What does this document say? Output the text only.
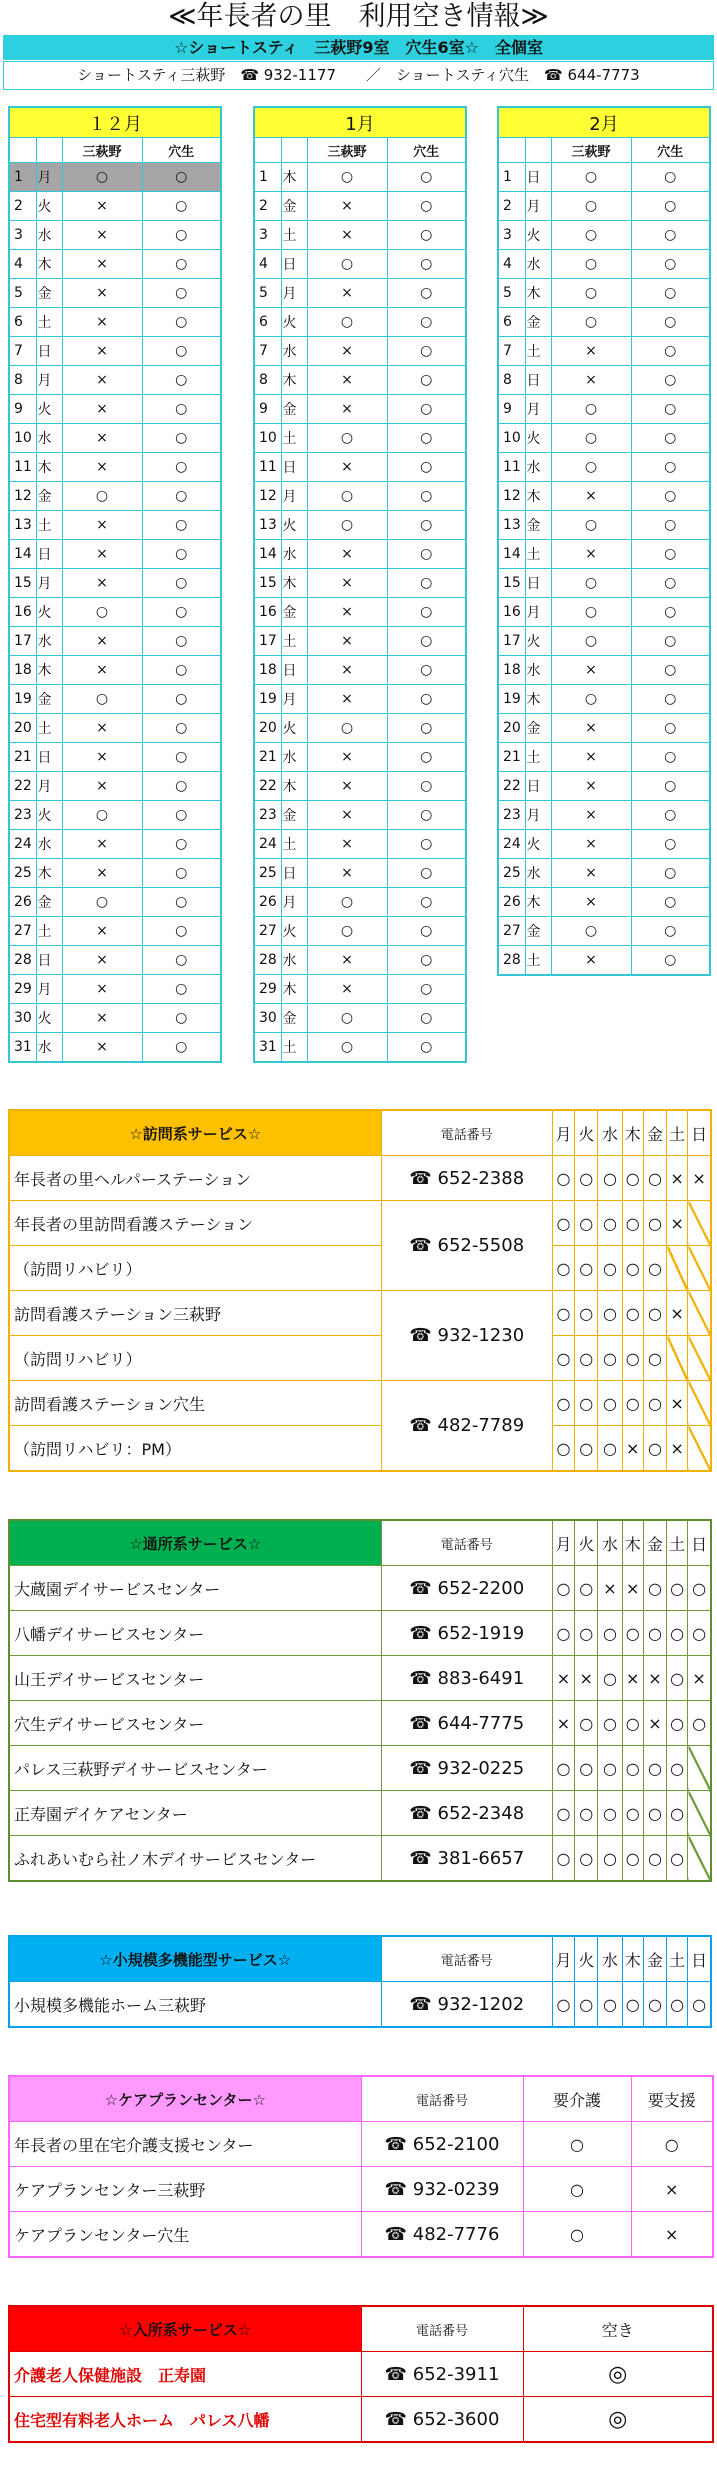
≪年長者の里　利用空き情報≫
☆ショートスティ　三萩野9室　穴生6室☆　全個室
ショートスティ三萩野　☎ 932-1177　　／　ショートスティ穴生　☎ 644-7773
１２月			
		三萩野	穴生
1	月	○	○
2	火	×	○
3	水	×	○
4	木	×	○
5	金	×	○
6	土	×	○
7	日	×	○
8	月	×	○
9	火	×	○
10	水	×	○
11	木	×	○
12	金	○	○
13	土	×	○
14	日	×	○
15	月	×	○
16	火	○	○
17	水	×	○
18	木	×	○
19	金	○	○
20	土	×	○
21	日	×	○
22	月	×	○
23	火	○	○
24	水	×	○
25	木	×	○
26	金	○	○
27	土	×	○
28	日	×	○
29	月	×	○
30	火	×	○
31	水	×	○
1月			
		三萩野	穴生
1	木	○	○
2	金	×	○
3	土	×	○
4	日	○	○
5	月	×	○
6	火	○	○
7	水	×	○
8	木	×	○
9	金	×	○
10	土	○	○
11	日	×	○
12	月	○	○
13	火	○	○
14	水	×	○
15	木	×	○
16	金	×	○
17	土	×	○
18	日	×	○
19	月	×	○
20	火	○	○
21	水	×	○
22	木	×	○
23	金	×	○
24	土	×	○
25	日	×	○
26	月	○	○
27	火	○	○
28	水	×	○
29	木	×	○
30	金	○	○
31	土	○	○
2月			
		三萩野	穴生
1	日	○	○
2	月	○	○
3	火	○	○
4	水	○	○
5	木	○	○
6	金	○	○
7	土	×	○
8	日	×	○
9	月	○	○
10	火	○	○
11	水	○	○
12	木	×	○
13	金	○	○
14	土	×	○
15	日	○	○
16	月	○	○
17	火	○	○
18	水	×	○
19	木	○	○
20	金	×	○
21	土	×	○
22	日	×	○
23	月	×	○
24	火	×	○
25	水	×	○
26	木	×	○
27	金	○	○
28	土	×	○
☆訪問系サービス☆	電話番号	月	火	水	木	金	土	日
年長者の里ヘルパーステーション	☎ 652-2388	○	○	○	○	○	×	×
年長者の里訪問看護ステーション	☎ 652-5508	○	○	○	○	○	×	
（訪問リハビリ）		○	○	○	○	○		
訪問看護ステーション三萩野	☎ 932-1230	○	○	○	○	○	×	
（訪問リハビリ）		○	○	○	○	○		
訪問看護ステーション穴生	☎ 482-7789	○	○	○	○	○	×	
（訪問リハビリ：PM）		○	○	○	×	○	×	
☆通所系サービス☆	電話番号	月	火	水	木	金	土	日
大蔵園デイサービスセンター	☎ 652-2200	○	○	×	×	○	○	○
八幡デイサービスセンター	☎ 652-1919	○	○	○	○	○	○	○
山王デイサービスセンター	☎ 883-6491	×	×	○	×	×	○	×
穴生デイサービスセンター	☎ 644-7775	×	○	○	○	×	○	○
パレス三萩野デイサービスセンター	☎ 932-0225	○	○	○	○	○	○	
正寿園デイケアセンター	☎ 652-2348	○	○	○	○	○	○	
ふれあいむら社ノ木デイサービスセンター	☎ 381-6657	○	○	○	○	○	○	
☆小規模多機能型サービス☆	電話番号	月	火	水	木	金	土	日
小規模多機能ホーム三萩野	☎ 932-1202	○	○	○	○	○	○	○
☆ケアプランセンター☆	電話番号	要介護	要支援
年長者の里在宅介護支援センター	☎ 652-2100	○	○
ケアプランセンター三萩野	☎ 932-0239	○	×
ケアプランセンター穴生	☎ 482-7776	○	×
☆入所系サービス☆	電話番号	空き
介護老人保健施設　正寿園	☎ 652-3911	◎
住宅型有料老人ホーム　パレス八幡	☎ 652-3600	◎
